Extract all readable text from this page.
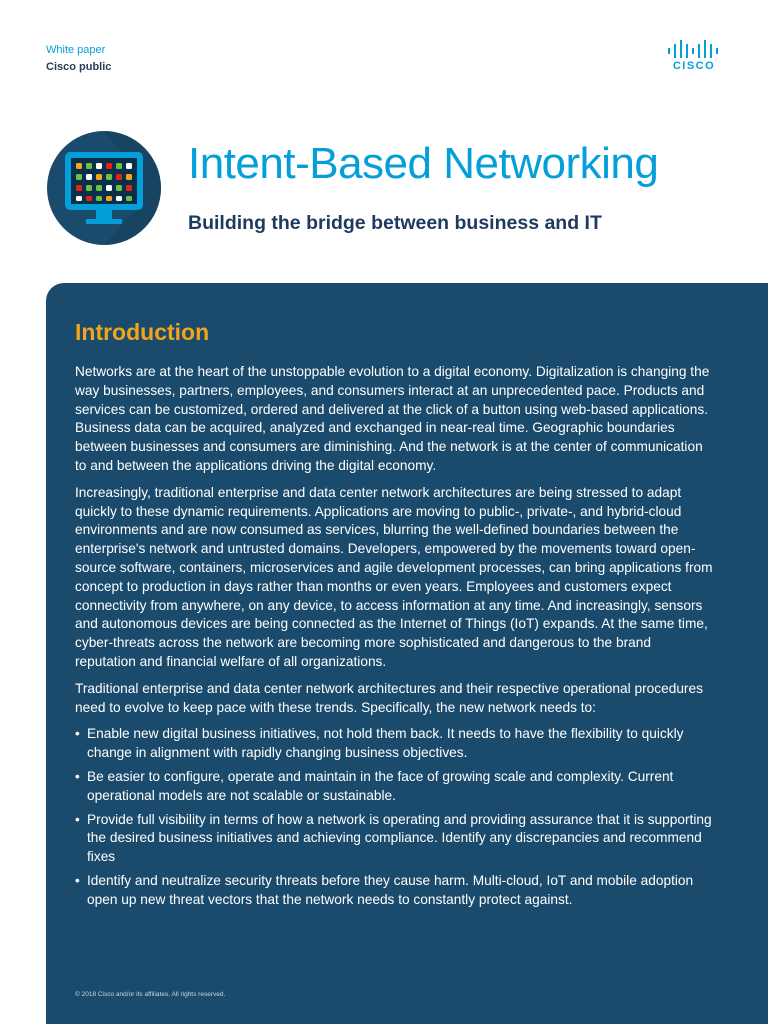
White paper
Cisco public	CISCO
Intent-Based Networking
Building the bridge between business and IT
Introduction

Networks are at the heart of the unstoppable evolution to a digital economy. Digitalization is changing the way businesses, partners, employees, and consumers interact at an unprecedented pace. Products and services can be customized, ordered and delivered at the click of a button using web-based applications. Business data can be acquired, analyzed and exchanged in near-real time. Geographic boundaries between businesses and consumers are diminishing. And the network is at the center of communication to and between the applications driving the digital economy.

Increasingly, traditional enterprise and data center network architectures are being stressed to adapt quickly to these dynamic requirements. Applications are moving to public-, private-, and hybrid-cloud environments and are now consumed as services, blurring the well-defined boundaries between the enterprise's network and untrusted domains. Developers, empowered by the movements toward open-source software, containers, microservices and agile development processes, can bring applications from concept to production in days rather than months or even years. Employees and customers expect connectivity from anywhere, on any device, to access information at any time. And increasingly, sensors and autonomous devices are being connected as the Internet of Things (IoT) expands. At the same time, cyber-threats across the network are becoming more sophisticated and dangerous to the brand reputation and financial welfare of all organizations.

Traditional enterprise and data center network architectures and their respective operational procedures need to evolve to keep pace with these trends. Specifically, the new network needs to:

• Enable new digital business initiatives, not hold them back. It needs to have the flexibility to quickly change in alignment with rapidly changing business objectives.
• Be easier to configure, operate and maintain in the face of growing scale and complexity. Current operational models are not scalable or sustainable.
• Provide full visibility in terms of how a network is operating and providing assurance that it is supporting the desired business initiatives and achieving compliance. Identify any discrepancies and recommend fixes
• Identify and neutralize security threats before they cause harm. Multi-cloud, IoT and mobile adoption open up new threat vectors that the network needs to constantly protect against.
© 2018 Cisco and/or its affiliates. All rights reserved.
